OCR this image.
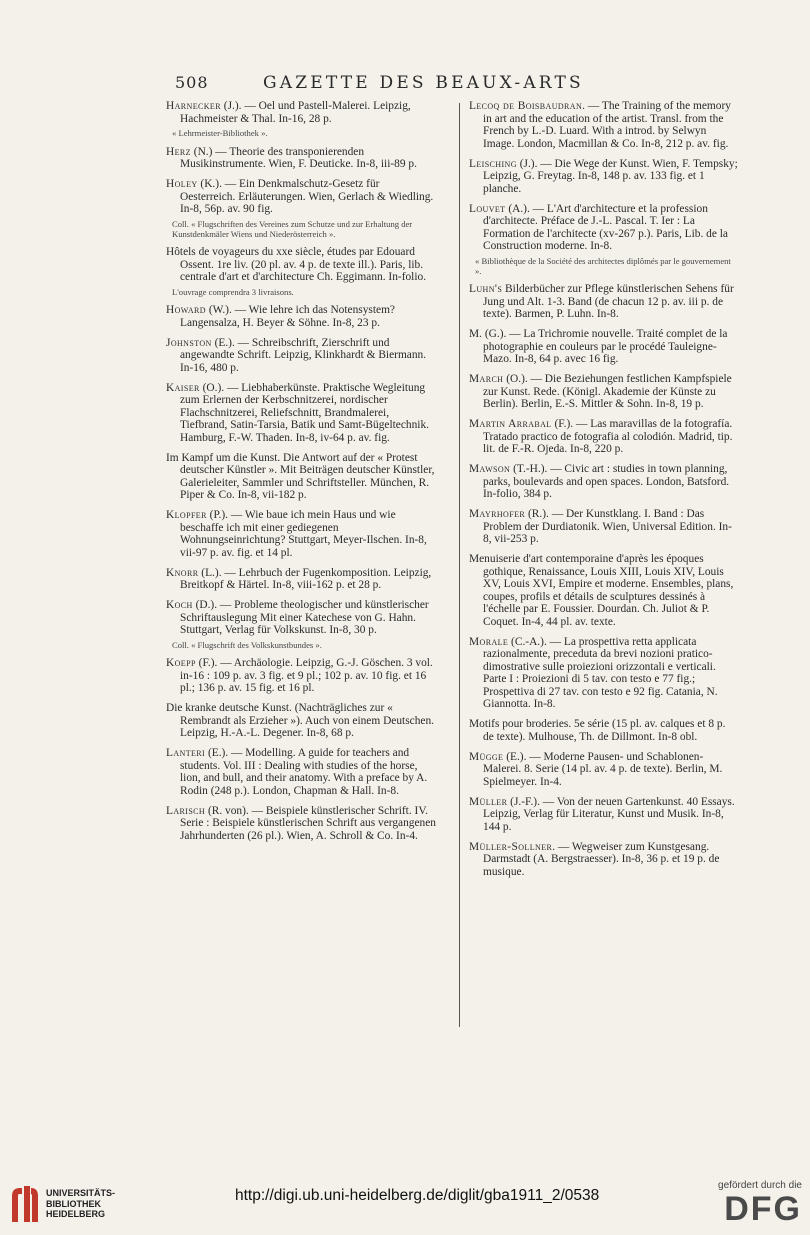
508	GAZETTE DES BEAUX-ARTS

Harnecker (J.). — Oel und Pastell-Malerei. Leipzig, Hachmeister & Thal. In-16, 28 p.

« Lehrmeister-Bibliothek ».

Herz (N.) — Theorie des transponierenden Musikinstrumente. Wien, F. Deuticke. In-8, iii-89 p.

Holey (K.). — Ein Denkmalschutz-Gesetz für Oesterreich. Erläuterungen. Wien, Gerlach & Wiedling. In-8, 56p. av. 90 fig.

Coll. « Flugschriften des Vereines zum Schutze und zur Erhaltung der Kunstdenkmäler Wiens und Niederösterreich ».

Hôtels de voyageurs du xxe siècle, études par Edouard Ossent. 1re liv. (20 pl. av. 4 p. de texte ill.). Paris, lib. centrale d'art et d'architecture Ch. Eggimann. In-folio.

L'ouvrage comprendra 3 livraisons.

Howard (W.). — Wie lehre ich das Notensystem? Langensalza, H. Beyer & Söhne. In-8, 23 p.

Johnston (E.). — Schreibschrift, Zierschrift und angewandte Schrift. Leipzig, Klinkhardt & Biermann. In-16, 480 p.

Kaiser (O.). — Liebhaberkünste. Praktische Wegleitung zum Erlernen der Kerbschnitzerei, nordischer Flachschnitzerei, Reliefschnitt, Brandmalerei, Tiefbrand, Satin-Tarsia, Batik und Samt-Bügeltechnik. Hamburg, F.-W. Thaden. In-8, iv-64 p. av. fig.

Im Kampf um die Kunst. Die Antwort auf der « Protest deutscher Künstler ». Mit Beiträgen deutscher Künstler, Galerieleiter, Sammler und Schriftsteller. München, R. Piper & Co. In-8, vii-182 p.

Klopfer (P.). — Wie baue ich mein Haus und wie beschaffe ich mit einer gediegenen Wohnungseinrichtung? Stuttgart, Meyer-Ilschen. In-8, vii-97 p. av. fig. et 14 pl.

Knorr (L.). — Lehrbuch der Fugenkomposition. Leipzig, Breitkopf & Härtel. In-8, viii-162 p. et 28 p.

Koch (D.). — Probleme theologischer und künstlerischer Schriftauslegung Mit einer Katechese von G. Hahn. Stuttgart, Verlag für Volkskunst. In-8, 30 p.

Coll. « Flugschrift des Volkskunstbundes ».

Koepp (F.). — Archäologie. Leipzig, G.-J. Göschen. 3 vol. in-16 : 109 p. av. 3 fig. et 9 pl.; 102 p. av. 10 fig. et 16 pl.; 136 p. av. 15 fig. et 16 pl.

Die kranke deutsche Kunst. (Nachträgliches zur « Rembrandt als Erzieher »). Auch von einem Deutschen. Leipzig, H.-A.-L. Degener. In-8, 68 p.

Lanteri (E.). — Modelling. A guide for teachers and students. Vol. III : Dealing with studies of the horse, lion, and bull, and their anatomy. With a preface by A. Rodin (248 p.). London, Chapman & Hall. In-8.

Larisch (R. von). — Beispiele künstlerischer Schrift. IV. Serie : Beispiele künstlerischen Schrift aus vergangenen Jahrhunderten (26 pl.). Wien, A. Schroll & Co. In-4.

Lecoq de Boisbaudran. — The Training of the memory in art and the education of the artist. Transl. from the French by L.-D. Luard. With a introd. by Selwyn Image. London, Macmillan & Co. In-8, 212 p. av. fig.

Leisching (J.). — Die Wege der Kunst. Wien, F. Tempsky; Leipzig, G. Freytag. In-8, 148 p. av. 133 fig. et 1 planche.

Louvet (A.). — L'Art d'architecture et la profession d'architecte. Préface de J.-L. Pascal. T. Ier : La Formation de l'architecte (xv-267 p.). Paris, Lib. de la Construction moderne. In-8.

« Bibliothèque de la Société des architectes diplômés par le gouvernement ».

Luhn's Bilderbücher zur Pflege künstlerischen Sehens für Jung und Alt. 1-3. Band (de chacun 12 p. av. iii p. de texte). Barmen, P. Luhn. In-8.

M. (G.). — La Trichromie nouvelle. Traité complet de la photographie en couleurs par le procédé Tauleigne-Mazo. In-8, 64 p. avec 16 fig.

March (O.). — Die Beziehungen festlichen Kampfspiele zur Kunst. Rede. (Königl. Akademie der Künste zu Berlin). Berlin, E.-S. Mittler & Sohn. In-8, 19 p.

Martin Arrabal (F.). — Las maravillas de la fotografía. Tratado practico de fotografia al colodión. Madrid, tip. lit. de F.-R. Ojeda. In-8, 220 p.

Mawson (T.-H.). — Civic art : studies in town planning, parks, boulevards and open spaces. London, Batsford. In-folio, 384 p.

Mayrhofer (R.). — Der Kunstklang. I. Band : Das Problem der Durdiatonik. Wien, Universal Edition. In-8, vii-253 p.

Menuiserie d'art contemporaine d'après les époques gothique, Renaissance, Louis XIII, Louis XIV, Louis XV, Louis XVI, Empire et moderne. Ensembles, plans, coupes, profils et détails de sculptures dessinés à l'échelle par E. Foussier. Dourdan. Ch. Juliot & P. Coquet. In-4, 44 pl. av. texte.

Morale (C.-A.). — La prospettiva retta applicata razionalmente, preceduta da brevi nozioni pratico-dimostrative sulle proiezioni orizzontali e verticali. Parte I : Proiezioni di 5 tav. con testo e 77 fig.; Prospettiva di 27 tav. con testo e 92 fig. Catania, N. Giannotta. In-8.

Motifs pour broderies. 5e série (15 pl. av. calques et 8 p. de texte). Mulhouse, Th. de Dillmont. In-8 obl.

Mügge (E.). — Moderne Pausen- und Schablonen-Malerei. 8. Serie (14 pl. av. 4 p. de texte). Berlin, M. Spielmeyer. In-4.

Müller (J.-F.). — Von der neuen Gartenkunst. 40 Essays. Leipzig, Verlag für Literatur, Kunst und Musik. In-8, 144 p.

Müller-Sollner. — Wegweiser zum Kunstgesang. Darmstadt (A. Bergstraesser). In-8, 36 p. et 19 p. de musique.

UNIVERSITÄTS-
BIBLIOTHEK
HEIDELBERG
http://digi.ub.uni-heidelberg.de/diglit/gba1911_2/0538
gefördert durch die
DFG
